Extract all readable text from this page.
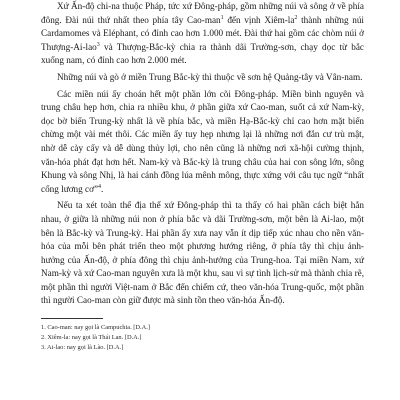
Xứ Ấn-độ chi-na thuộc Pháp, tức xứ Đông-pháp, gồm những núi và sông ở về phía đông. Đài núi thứ nhất theo phía tây Cao-man$^1$ đến vịnh Xiêm-$la^2$ thành những núi Cardamomes và Eléphant, có đỉnh cao hơn 1.000 mét. Đài thứ hai gồm các chòm núi ở Thượng-Ai-lao$^3$ và Thượng-Bắc-kỳ chia ra thành dãi Trường-sơn, chạy dọc từ bắc xuống nam, có đỉnh cao hơn 2.000 mét.

Những núi và gò ở miền Trung Bắc-kỳ thì thuộc về sơn hệ Quảng-tây và Vân-nam.

Các miền núi ấy choán hết một phần lớn cõi Đông-pháp. Miền bình nguyên và trung châu hẹp hơn, chia ra nhiều khu, ở phần giữa xứ Cao-man, suốt cả xứ Nam-kỳ, dọc bờ biển Trung-kỳ nhất là về phía bắc, và miền Hạ-Bắc-kỳ chỉ cao hơn mặt biển chừng một vài mét thôi. Các miền ấy tuy hẹp nhưng lại là những nơi đắn cư trù mật, nhờ dễ cày cấy và dễ dùng thủy lợi, cho nên cũng là những nơi xã-hội cường thịnh, văn-hóa phát đạt hơn hết. Nam-kỳ và Bắc-kỳ là trung châu của hai con sông lớn, sông Khung và sông Nhị, là hai cánh đồng lúa mênh mông, thực xứng với câu tục ngữ “nhất cổng lương cơ”$^4$.

Nếu ta xét toàn thể địa thế xứ Đông-pháp thì ta thấy có hai phần cách biệt hẳn nhau, ở giữa là những núi non ở phía bắc và dãi Trường-sơn, một bên là Ai-lao, một bên là Bắc-kỳ và Trung-kỳ. Hai phần ấy xưa nay vẫn ít dịp tiếp xúc nhau cho nền văn-hóa của mỗi bên phát triển theo một phương hướng riêng, ở phía tây thì chịu ảnh-hưởng của Ấn-độ, ở phía đông thì chịu ảnh-hưởng của Trung-hoa. Tại miền Nam, xứ Nam-kỳ và xứ Cao-man nguyên xưa là một khu, sau vì sự tình lịch-sử mà thành chia rẽ, một phần thì người Việt-nam ở Bắc đến chiếm cứ, theo văn-hóa Trung-quốc, một phần thì người Cao-man còn giữ được mà sinh tồn theo văn-hóa Ấn-độ.

1. Cao-man: nay gọi là Campuchia. [D.A.]
2. Xiêm-la: nay gọi là Thái Lan. [D.A.]
3. Ai-lao: nay gọi là Lào. [D.A.]
